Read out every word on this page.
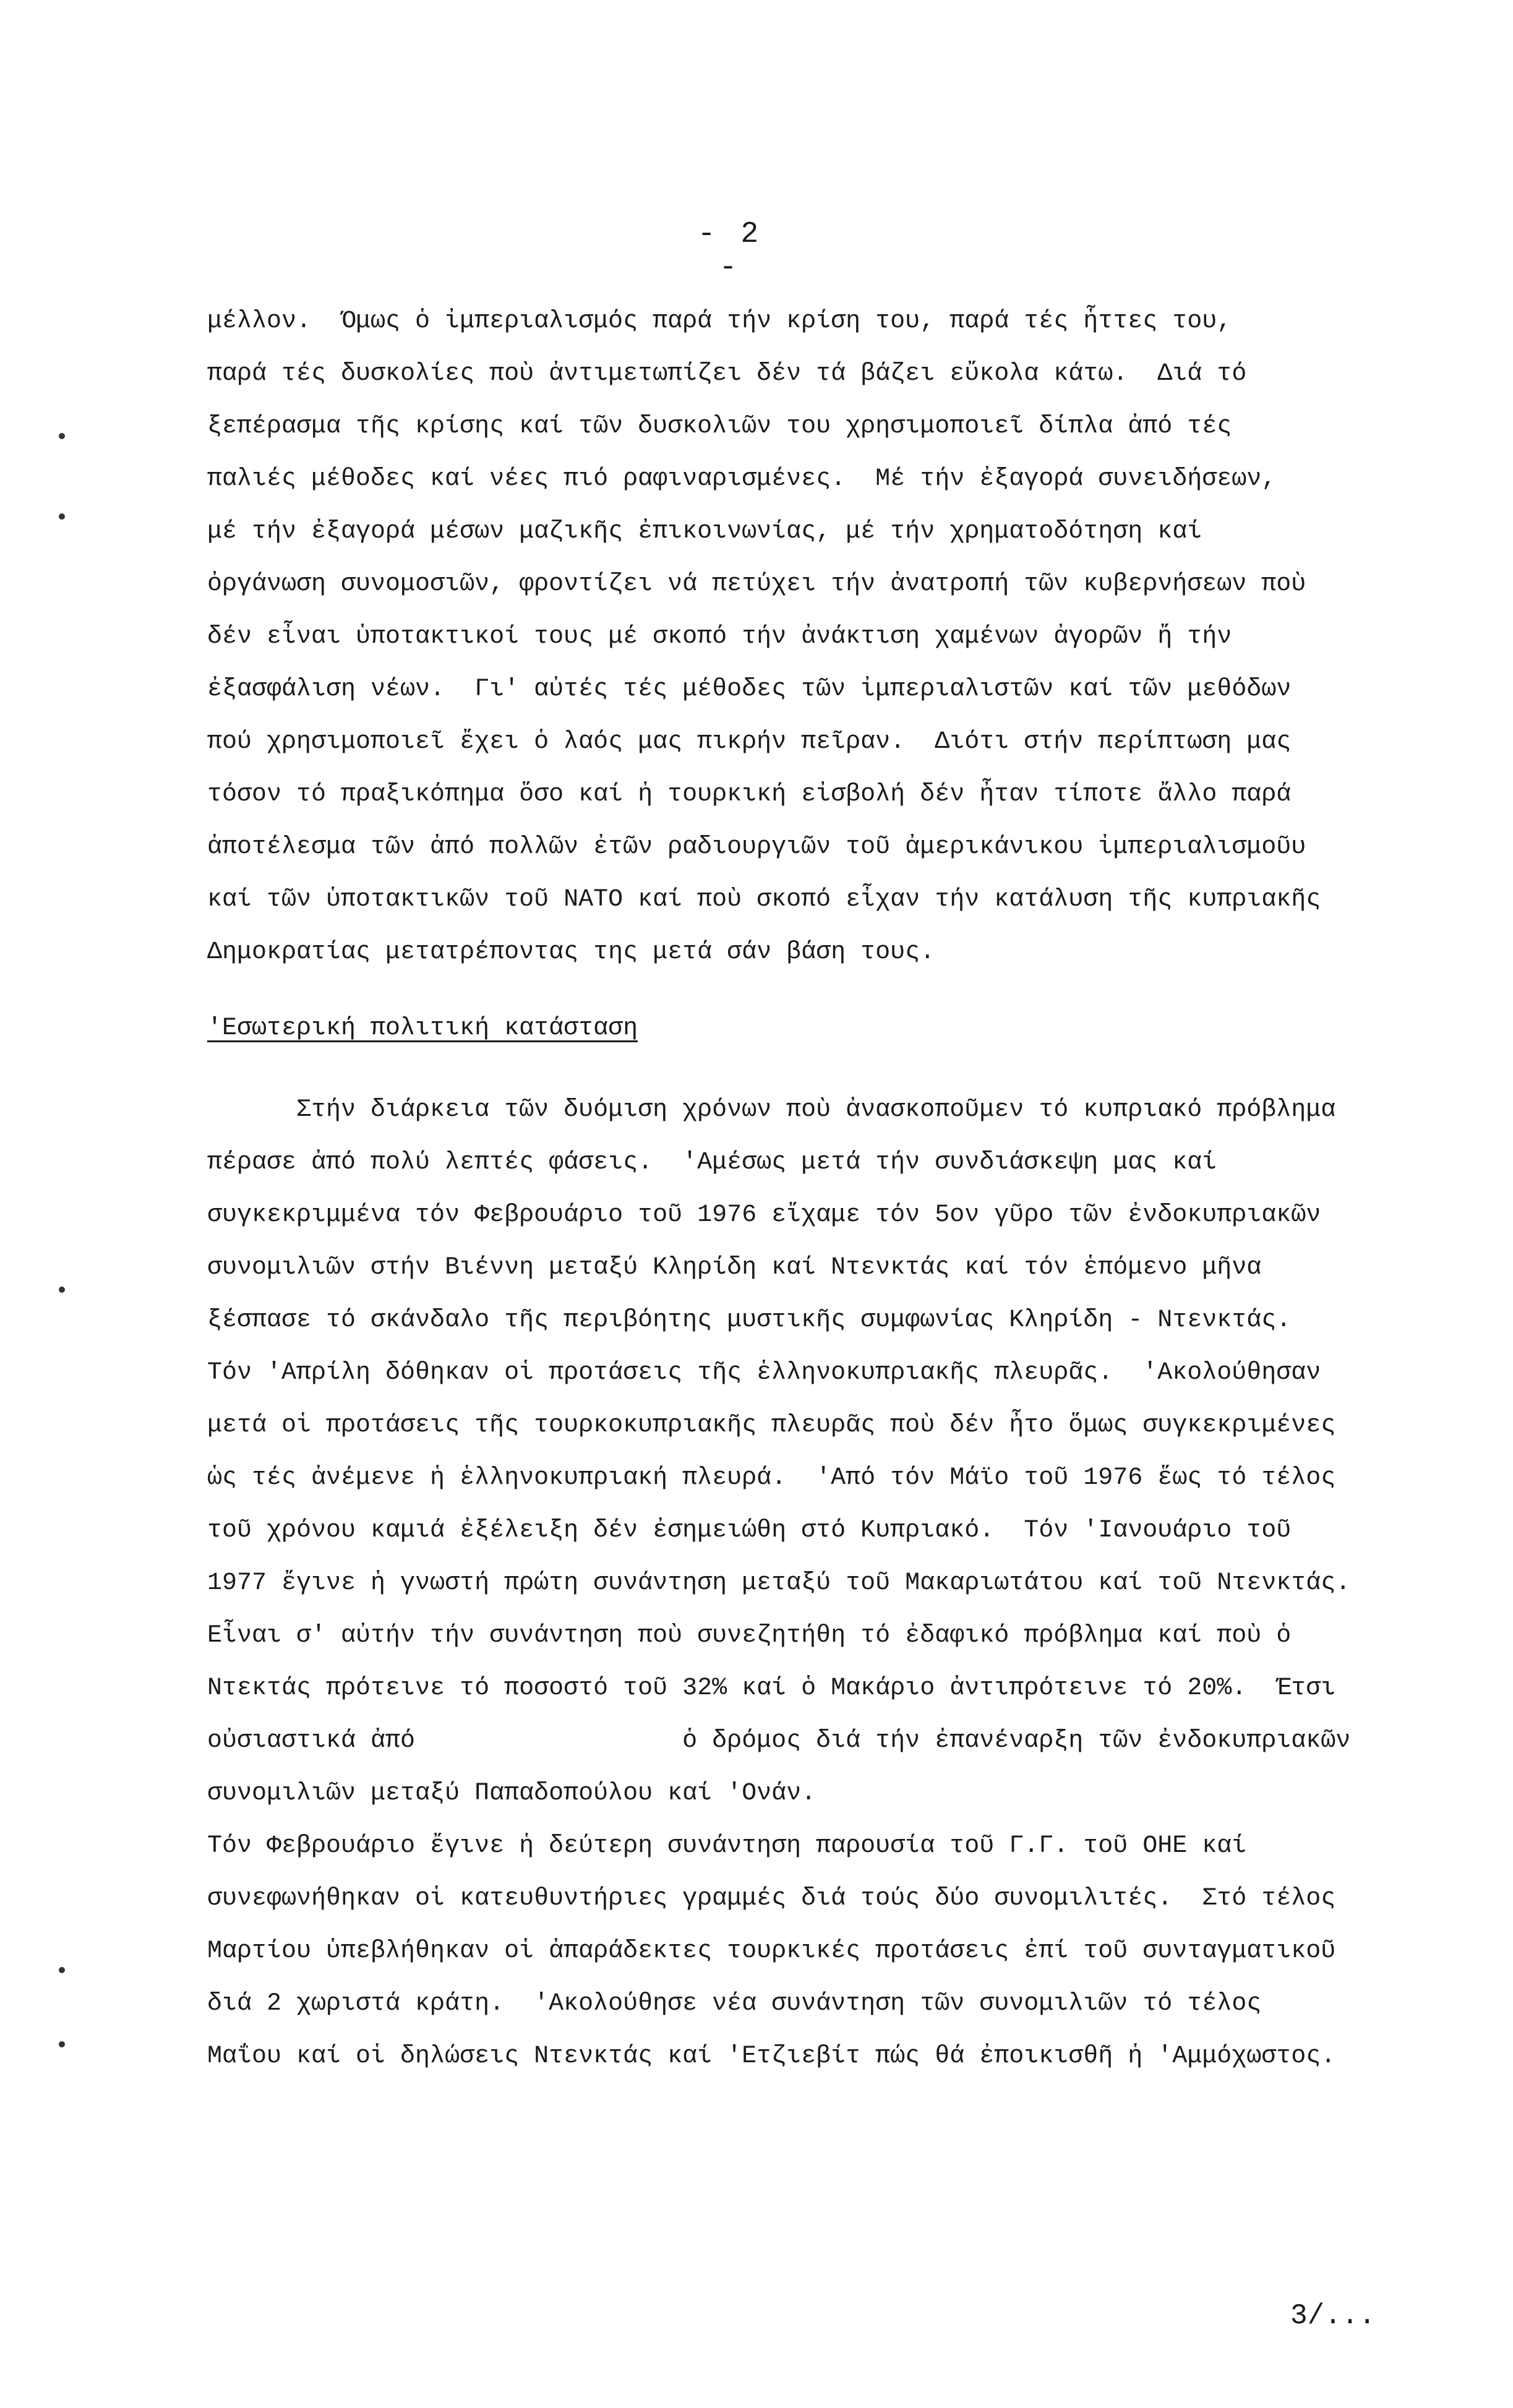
- 2 -
μέλλον.  Όμως ὁ ἰμπεριαλισμός παρά τήν κρίση του, παρά τές ἧττες του,
παρά τές δυσκολίες ποὺ ἀντιμετωπίζει δέν τά βάζει εὔκολα κάτω.  Διά τό
ξεπέρασμα τῆς κρίσης καί τῶν δυσκολιῶν του χρησιμοποιεῖ δίπλα ἀπό τές
παλιές μέθοδες καί νέες πιό ραφιναρισμένες.  Μέ τήν ἐξαγορά συνειδήσεων,
μέ τήν ἐξαγορά μέσων μαζικῆς ἐπικοινωνίας, μέ τήν χρηματοδότηση καί
ὀργάνωση συνομοσιῶν, φροντίζει νά πετύχει τήν ἀνατροπή τῶν κυβερνήσεων ποὺ
δέν εἶναι ὑποτακτικοί τους μέ σκοπό τήν ἀνάκτιση χαμένων ἀγορῶν ἤ τήν
ἐξασφάλιση νέων.  Γι' αὐτές τές μέθοδες τῶν ἰμπεριαλιστῶν καί τῶν μεθόδων
πού χρησιμοποιεῖ ἔχει ὁ λαός μας πικρήν πεῖραν.  Διότι στήν περίπτωση μας
τόσον τό πραξικόπημα ὅσο καί ἡ τουρκική εἰσβολή δέν ἦταν τίποτε ἄλλο παρά
ἀποτέλεσμα τῶν ἀπό πολλῶν ἐτῶν ραδιουργιῶν τοῦ ἀμερικάνικου ἰμπεριαλισμοῦυ
καί τῶν ὑποτακτικῶν τοῦ ΝΑΤΟ καί ποὺ σκοπό εἶχαν τήν κατάλυση τῆς κυπριακῆς
Δημοκρατίας μετατρέποντας της μετά σάν βάση τους.
'Εσωτερική πολιτική κατάσταση
Στήν διάρκεια τῶν δυόμιση χρόνων ποὺ ἀνασκοποῦμεν τό κυπριακό πρόβλημα
πέρασε ἀπό πολύ λεπτές φάσεις.  'Αμέσως μετά τήν συνδιάσκεψη μας καί
συγκεκριμμένα τόν Φεβρουάριο τοῦ 1976 εἴχαμε τόν 5ον γῦρο τῶν ἐνδοκυπριακῶν
συνομιλιῶν στήν Βιέννη μεταξύ Κληρίδη καί Ντενκτάς καί τόν ἑπόμενο μῆνα
ξέσπασε τό σκάνδαλο τῆς περιβόητης μυστικῆς συμφωνίας Κληρίδη - Ντενκτάς.
Τόν 'Απρίλη δόθηκαν οἱ προτάσεις τῆς ἑλληνοκυπριακῆς πλευρᾶς.  'Ακολούθησαν
μετά οἱ προτάσεις τῆς τουρκοκυπριακῆς πλευρᾶς ποὺ δέν ἦτο ὅμως συγκεκριμένες
ὡς τές ἀνέμενε ἡ ἑλληνοκυπριακή πλευρά.  'Από τόν Μάϊο τοῦ 1976 ἕως τό τέλος
τοῦ χρόνου καμιά ἐξέλειξη δέν ἐσημειώθη στό Κυπριακό.  Τόν 'Ιανουάριο τοῦ
1977 ἔγινε ἡ γνωστή πρώτη συνάντηση μεταξύ τοῦ Μακαριωτάτου καί τοῦ Ντενκτάς.
Εἶναι σ' αὐτήν τήν συνάντηση ποὺ συνεζητήθη τό ἐδαφικό πρόβλημα καί ποὺ ὁ
Ντεκτάς πρότεινε τό ποσοστό τοῦ 32% καί ὁ Μακάριο ἀντιπρότεινε τό 20%.  Έτσι
οὐσιαστικά ἀπό                  ὁ δρόμος διά τήν ἐπανέναρξη τῶν ἐνδοκυπριακῶν
συνομιλιῶν μεταξύ Παπαδοπούλου καί 'Ονάν.
Τόν Φεβρουάριο ἔγινε ἡ δεύτερη συνάντηση παρουσία τοῦ Γ.Γ. τοῦ ΟΗΕ καί
συνεφωνήθηκαν οἱ κατευθυντήριες γραμμές διά τούς δύο συνομιλιτές.  Στό τέλος
Μαρτίου ὑπεβλήθηκαν οἱ ἀπαράδεκτες τουρκικές προτάσεις ἐπί τοῦ συνταγματικοῦ
διά 2 χωριστά κράτη.  'Ακολούθησε νέα συνάντηση τῶν συνομιλιῶν τό τέλος
Μαΐου καί οἱ δηλώσεις Ντενκτάς καί 'Ετζιεβίτ πώς θά ἐποικισθῆ ἡ 'Αμμόχωστος.
3/...
